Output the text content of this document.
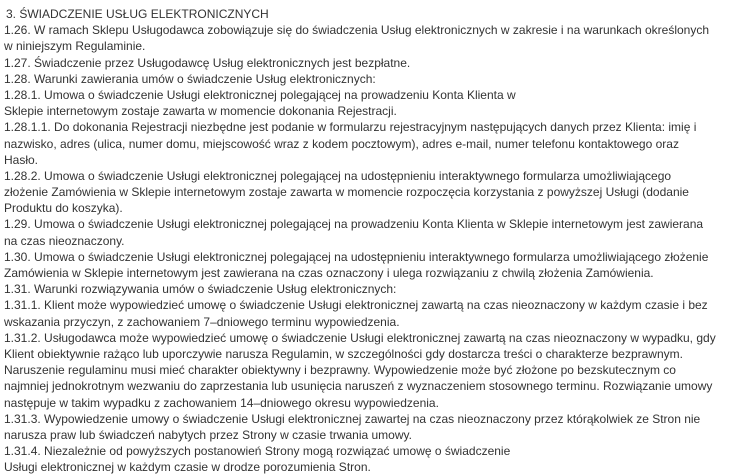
3. ŚWIADCZENIE USŁUG ELEKTRONICZNYCH
1.26. W ramach Sklepu Usługodawca zobowiązuje się do świadczenia Usług elektronicznych w zakresie i na warunkach określonych
w niniejszym Regulaminie.
1.27. Świadczenie przez Usługodawcę Usług elektronicznych jest bezpłatne.
1.28. Warunki zawierania umów o świadczenie Usług elektronicznych:
1.28.1. Umowa o świadczenie Usługi elektronicznej polegającej na prowadzeniu Konta Klienta w
Sklepie internetowym zostaje zawarta w momencie dokonania Rejestracji.
1.28.1.1. Do dokonania Rejestracji niezbędne jest podanie w formularzu rejestracyjnym następujących danych przez Klienta: imię i
nazwisko, adres (ulica, numer domu, miejscowość wraz z kodem pocztowym), adres e-mail, numer telefonu kontaktowego oraz
Hasło.
1.28.2. Umowa o świadczenie Usługi elektronicznej polegającej na udostępnieniu interaktywnego formularza umożliwiającego
złożenie Zamówienia w Sklepie internetowym zostaje zawarta w momencie rozpoczęcia korzystania z powyższej Usługi (dodanie
Produktu do koszyka).
1.29. Umowa o świadczenie Usługi elektronicznej polegającej na prowadzeniu Konta Klienta w Sklepie internetowym jest zawierana
na czas nieoznaczony.
1.30. Umowa o świadczenie Usługi elektronicznej polegającej na udostępnieniu interaktywnego formularza umożliwiającego złożenie
Zamówienia w Sklepie internetowym jest zawierana na czas oznaczony i ulega rozwiązaniu z chwilą złożenia Zamówienia.
1.31. Warunki rozwiązywania umów o świadczenie Usług elektronicznych:
1.31.1. Klient może wypowiedzieć umowę o świadczenie Usługi elektronicznej zawartą na czas nieoznaczony w każdym czasie i bez
wskazania przyczyn, z zachowaniem 7–dniowego terminu wypowiedzenia.
1.31.2. Usługodawca może wypowiedzieć umowę o świadczenie Usługi elektronicznej zawartą na czas nieoznaczony w wypadku, gdy
Klient obiektywnie rażąco lub uporczywie narusza Regulamin, w szczególności gdy dostarcza treści o charakterze bezprawnym.
Naruszenie regulaminu musi mieć charakter obiektywny i bezprawny. Wypowiedzenie może być złożone po bezskutecznym co
najmniej jednokrotnym wezwaniu do zaprzestania lub usunięcia naruszeń z wyznaczeniem stosownego terminu. Rozwiązanie umowy
następuje w takim wypadku z zachowaniem 14–dniowego okresu wypowiedzenia.
1.31.3. Wypowiedzenie umowy o świadczenie Usługi elektronicznej zawartej na czas nieoznaczony przez którąkolwiek ze Stron nie
narusza praw lub świadczeń nabytych przez Strony w czasie trwania umowy.
1.31.4. Niezależnie od powyższych postanowień Strony mogą rozwiązać umowę o świadczenie
Usługi elektronicznej w każdym czasie w drodze porozumienia Stron.
